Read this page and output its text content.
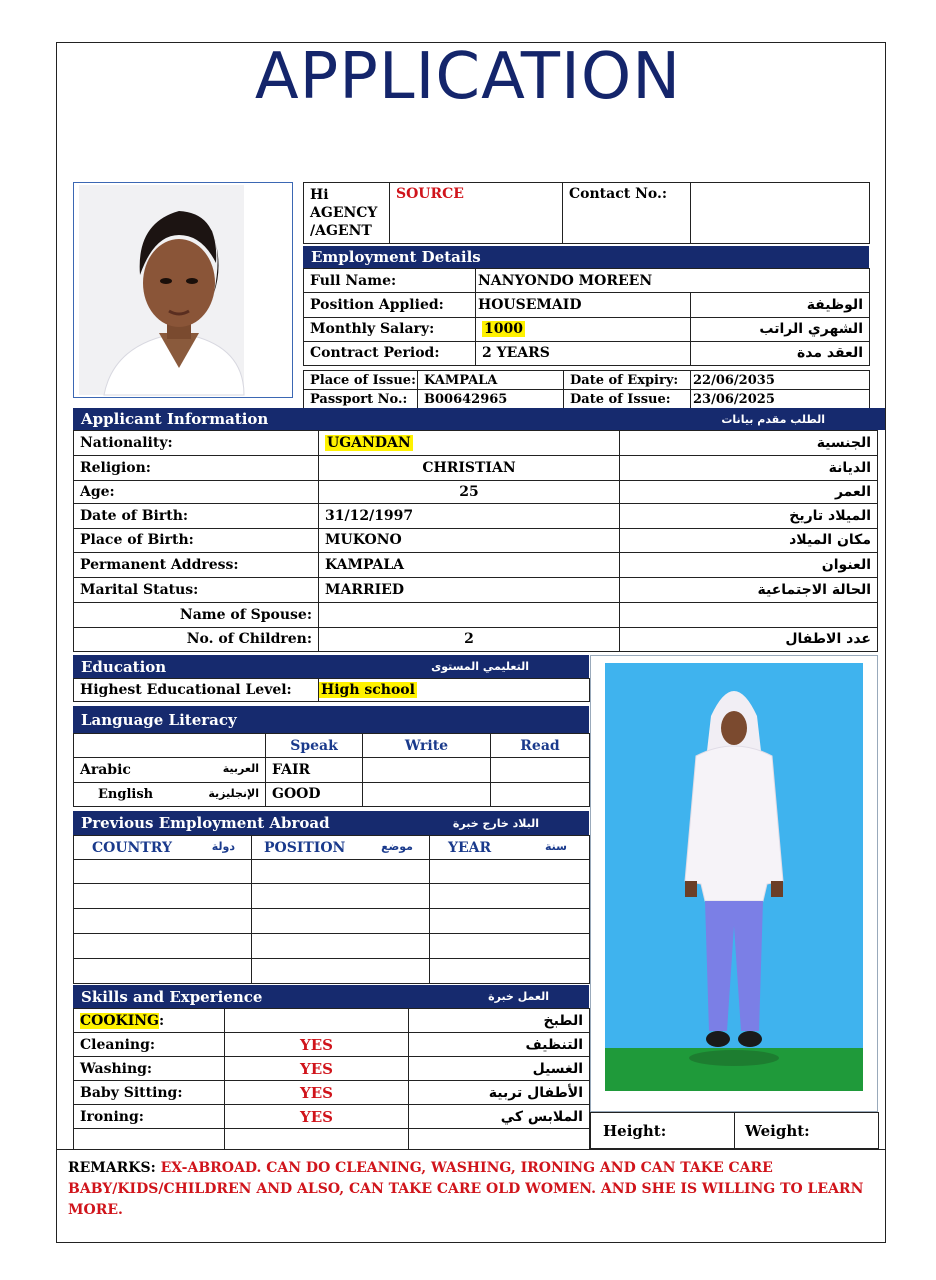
APPLICATION
Hi
AGENCY
/AGENT	SOURCE	Contact No.:	
Employment Details
Full Name:	NANYONDO MOREEN	
Position Applied:	HOUSEMAID	الوظيفة
Monthly Salary:	1000	الشهري الراتب
Contract Period:	2 YEARS	العقد مدة
Place of Issue:	KAMPALA	Date of Expiry:	22/06/2035
Passport No.:	B00642965	Date of Issue:	23/06/2025
Applicant Information	الطلب مقدم بيانات
Nationality:	UGANDAN	الجنسية
Religion:	CHRISTIAN	الديانة
Age:	25	العمر
Date of Birth:	31/12/1997	الميلاد تاريخ
Place of Birth:	MUKONO	مكان الميلاد
Permanent Address:	KAMPALA	العنوان
Marital Status:	MARRIED	الحالة الاجتماعية
Name of Spouse:		
No. of Children:	2	عدد الاطفال
Education	التعليمي المستوى
Highest Educational Level:	High school
Language Literacy
	Speak	Write	Read
Arabic العربية	FAIR		
English الإنجليزية	GOOD		
Previous Employment Abroad	البلاد خارج خبرة
COUNTRY دولة	POSITION موضع	YEAR سنة

Skills and Experience	العمل خبرة
COOKING:		الطبخ
Cleaning:	YES	التنظيف
Washing:	YES	الغسيل
Baby Sitting:	YES	الأطفال تربية
Ironing:	YES	الملابس كي

Height:	Weight:
REMARKS: EX-ABROAD. CAN DO CLEANING, WASHING, IRONING AND CAN TAKE CARE BABY/KIDS/CHILDREN AND ALSO, CAN TAKE CARE OLD WOMEN. AND SHE IS WILLING TO LEARN MORE.
